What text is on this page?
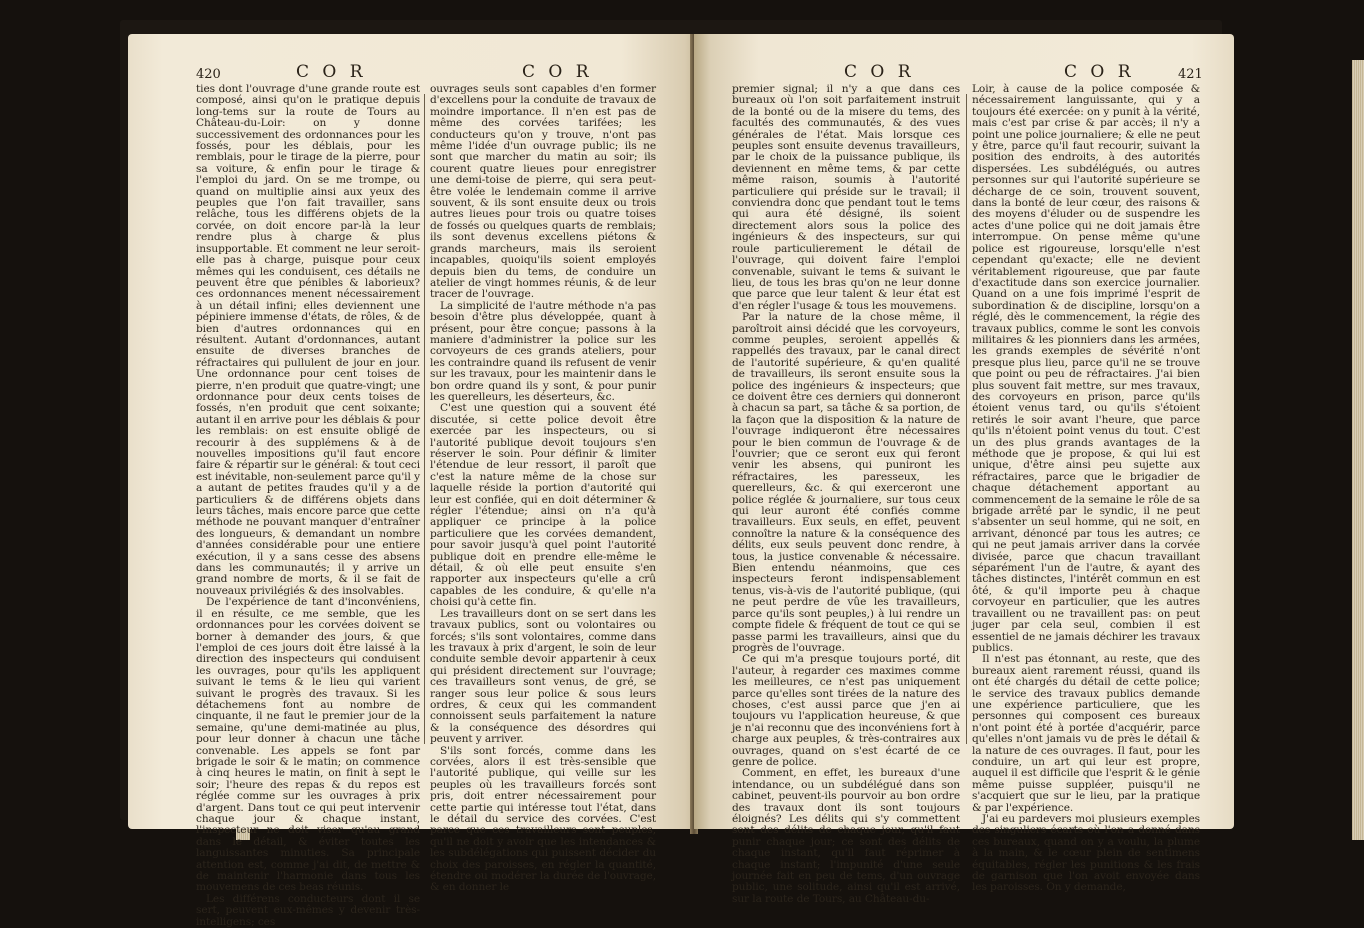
420	C O R	C O R

ties dont l'ouvrage d'une grande route est composé, ainsi qu'on le pratique depuis long-tems sur la route de Tours au Château-du-Loir: on y donne successivement des ordonnances pour les fossés, pour les déblais, pour les remblais, pour le tirage de la pierre, pour sa voiture, & enfin pour le tirage & l'emploi du jard. On se me trompe, ou quand on multiplie ainsi aux yeux des peuples que l'on fait travailler, sans relâche, tous les différens objets de la corvée, on doit encore par-là la leur rendre plus à charge & plus insupportable. Et comment ne leur seroit-elle pas à charge, puisque pour ceux mêmes qui les conduisent, ces détails ne peuvent être que pénibles & laborieux? ces ordonnances menent nécessairement à un détail infini; elles deviennent une pépiniere immense d'états, de rôles, & de bien d'autres ordonnances qui en résultent. Autant d'ordonnances, autant ensuite de diverses branches de réfractaires qui pullulent de jour en jour. Une ordonnance pour cent toises de pierre, n'en produit que quatre-vingt; une ordonnance pour deux cents toises de fossés, n'en produit que cent soixante; autant il en arrive pour les déblais & pour les remblais: on est ensuite obligé de recourir à des supplémens & à de nouvelles impositions qu'il faut encore faire & répartir sur le général: & tout ceci est inévitable, non-seulement parce qu'il y a autant de petites fraudes qu'il y a de particuliers & de différens objets dans leurs tâches, mais encore parce que cette méthode ne pouvant manquer d'entraîner des longueurs, & demandant un nombre d'années considérable pour une entiere exécution, il y a sans cesse des absens dans les communautés; il y arrive un grand nombre de morts, & il se fait de nouveaux privilégiés & des insolvables.

De l'expérience de tant d'inconvéniens, il en résulte, ce me semble, que les ordonnances pour les corvées doivent se borner à demander des jours, & que l'emploi de ces jours doit être laissé à la direction des inspecteurs qui conduisent les ouvrages, pour qu'ils les appliquent suivant le tems & le lieu qui varient suivant le progrès des travaux. Si les détachemens font au nombre de cinquante, il ne faut le premier jour de la semaine, qu'une demi-matinée au plus, pour leur donner à chacun une tâche convenable. Les appels se font par brigade le soir & le matin; on commence à cinq heures le matin, on finit à sept le soir; l'heure des repas & du repos est réglée comme sur les ouvrages à prix d'argent. Dans tout ce qui peut intervenir chaque jour & chaque instant, l'inspecteur ne doit viser qu'au grand dans le détail, & éviter toutes les languissantes minuties. Sa principale attention est, comme j'ai dit, de mettre & de maintenir l'harmonie dans tous les mouvemens de ces beas réunis.

Les différens conducteurs dont il se sert, peuvent eux-mêmes y devenir très-intelligens; ces

ouvrages seuls sont capables d'en former d'excellens pour la conduite de travaux de moindre importance. Il n'en est pas de même des corvées tarifées; les conducteurs qu'on y trouve, n'ont pas même l'idée d'un ouvrage public; ils ne sont que marcher du matin au soir; ils courent quatre lieues pour enregistrer une demi-toise de pierre, qui sera peut-être volée le lendemain comme il arrive souvent, & ils sont ensuite deux ou trois autres lieues pour trois ou quatre toises de fossés ou quelques quarts de remblais; ils sont devenus excellens piétons & grands marcheurs, mais ils seroient incapables, quoiqu'ils soient employés depuis bien du tems, de conduire un atelier de vingt hommes réunis, & de leur tracer de l'ouvrage.

La simplicité de l'autre méthode n'a pas besoin d'être plus développée, quant à présent, pour être conçue; passons à la maniere d'administrer la police sur les corvoyeurs de ces grands ateliers, pour les contraindre quand ils refusent de venir sur les travaux, pour les maintenir dans le bon ordre quand ils y sont, & pour punir les querelleurs, les déserteurs, &c.

C'est une question qui a souvent été discutée, si cette police devoit être exercée par les inspecteurs, ou si l'autorité publique devoit toujours s'en réserver le soin. Pour définir & limiter l'étendue de leur ressort, il paroît que c'est la nature même de la chose sur laquelle réside la portion d'autorité qui leur est confiée, qui en doit déterminer & régler l'étendue; ainsi on n'a qu'à appliquer ce principe à la police particuliere que les corvées demandent, pour savoir jusqu'à quel point l'autorité publique doit en prendre elle-même le détail, & où elle peut ensuite s'en rapporter aux inspecteurs qu'elle a crû capables de les conduire, & qu'elle n'a choisi qu'à cette fin.

Les travailleurs dont on se sert dans les travaux publics, sont ou volontaires ou forcés; s'ils sont volontaires, comme dans les travaux à prix d'argent, le soin de leur conduite semble devoir appartenir à ceux qui président directement sur l'ouvrage; ces travailleurs sont venus, de gré, se ranger sous leur police & sous leurs ordres, & ceux qui les commandent connoissent seuls parfaitement la nature & la conséquence des désordres qui peuvent y arriver.

S'ils sont forcés, comme dans les corvées, alors il est très-sensible que l'autorité publique, qui veille sur les peuples où les travailleurs forcés sont pris, doit entrer nécessairement pour cette partie qui intéresse tout l'état, dans le détail du service des corvées. C'est parce que ces travailleurs sont peuples, qu'il ne doit y avoir que les intendances & les subdélégations qui puissent décider du choix des paroisses, en régler la quantité, étendre ou modérer la durée de l'ouvrage, & en donner le

C O R	C O R	421

premier signal; il n'y a que dans ces bureaux où l'on soit parfaitement instruit de la bonté ou de la misere du tems, des facultés des communautés, & des vues générales de l'état. Mais lorsque ces peuples sont ensuite devenus travailleurs, par le choix de la puissance publique, ils deviennent en même tems, & par cette même raison, soumis à l'autorité particuliere qui préside sur le travail; il conviendra donc que pendant tout le tems qui aura été désigné, ils soient directement alors sous la police des ingénieurs & des inspecteurs, sur qui roule particulierement le détail de l'ouvrage, qui doivent faire l'emploi convenable, suivant le tems & suivant le lieu, de tous les bras qu'on ne leur donne que parce que leur talent & leur état est d'en régler l'usage & tous les mouvemens.

Par la nature de la chose même, il paroîtroit ainsi décidé que les corvoyeurs, comme peuples, seroient appellés & rappellés des travaux, par le canal direct de l'autorité supérieure, & qu'en qualité de travailleurs, ils seront ensuite sous la police des ingénieurs & inspecteurs; que ce doivent être ces derniers qui donneront à chacun sa part, sa tâche & sa portion, de la façon que la disposition & la nature de l'ouvrage indiqueront être nécessaires pour le bien commun de l'ouvrage & de l'ouvrier; que ce seront eux qui feront venir les absens, qui puniront les réfractaires, les paresseux, les querelleurs, &c. & qui exerceront une police réglée & journaliere, sur tous ceux qui leur auront été confiés comme travailleurs. Eux seuls, en effet, peuvent connoître la nature & la conséquence des délits, eux seuls peuvent donc rendre, à tous, la justice convenable & nécessaire. Bien entendu néanmoins, que ces inspecteurs feront indispensablement tenus, vis-à-vis de l'autorité publique, (qui ne peut perdre de vûe les travailleurs, parce qu'ils sont peuples,) à lui rendre un compte fidele & fréquent de tout ce qui se passe parmi les travailleurs, ainsi que du progrès de l'ouvrage.

Ce qui m'a presque toujours porté, dit l'auteur, à regarder ces maximes comme les meilleures, ce n'est pas uniquement parce qu'elles sont tirées de la nature des choses, c'est aussi parce que j'en ai toujours vu l'application heureuse, & que je n'ai reconnu que des inconvéniens fort à charge aux peuples, & très-contraires aux ouvrages, quand on s'est écarté de ce genre de police.

Comment, en effet, les bureaux d'une intendance, ou un subdélégué dans son cabinet, peuvent-ils pourvoir au bon ordre des travaux dont ils sont toujours éloignés? Les délits qui s'y commettent sont des délits de chaque jour, qu'il faut punir chaque jour; ce sont des délits de chaque instant, qu'il faut réprimer à chaque instant; l'impunité d'une seule journée fait en peu de tems, d'un ouvrage public, une solitude, ainsi qu'il est arrivé, sur la route de Tours, au Château-du-

Loir, à cause de la police composée & nécessairement languissante, qui y a toujours été exercée: on y punit à la vérité, mais c'est par crise & par accès; il n'y a point une police journaliere; & elle ne peut y être, parce qu'il faut recourir, suivant la position des endroits, à des autorités dispersées. Les subdélégués, ou autres personnes sur qui l'autorité supérieure se décharge de ce soin, trouvent souvent, dans la bonté de leur cœur, des raisons & des moyens d'éluder ou de suspendre les actes d'une police qui ne doit jamais être interrompue. On pense même qu'une police est rigoureuse, lorsqu'elle n'est cependant qu'exacte; elle ne devient véritablement rigoureuse, que par faute d'exactitude dans son exercice journalier. Quand on a une fois imprimé l'esprit de subordination & de discipline, lorsqu'on a réglé, dès le commencement, la régie des travaux publics, comme le sont les convois militaires & les pionniers dans les armées, les grands exemples de sévérité n'ont presque plus lieu, parce qu'il ne se trouve que point ou peu de réfractaires. J'ai bien plus souvent fait mettre, sur mes travaux, des corvoyeurs en prison, parce qu'ils étoient venus tard, ou qu'ils s'étoient retirés le soir avant l'heure, que parce qu'ils n'étoient point venus du tout. C'est un des plus grands avantages de la méthode que je propose, & qui lui est unique, d'être ainsi peu sujette aux réfractaires, parce que le brigadier de chaque détachement apportant au commencement de la semaine le rôle de sa brigade arrêté par le syndic, il ne peut s'absenter un seul homme, qui ne soit, en arrivant, dénoncé par tous les autres; ce qui ne peut jamais arriver dans la corvée divisée, parce que chacun travaillant séparément l'un de l'autre, & ayant des tâches distinctes, l'intérêt commun en est ôté, & qu'il importe peu à chaque corvoyeur en particulier, que les autres travaillent ou ne travaillent pas: on peut juger par cela seul, combien il est essentiel de ne jamais déchirer les travaux publics.

Il n'est pas étonnant, au reste, que des bureaux aient rarement réussi, quand ils ont été chargés du détail de cette police; le service des travaux publics demande une expérience particuliere, que les personnes qui composent ces bureaux n'ont point été à portée d'acquérir, parce qu'elles n'ont jamais vu de près le détail & la nature de ces ouvrages. Il faut, pour les conduire, un art qui leur est propre, auquel il est difficile que l'esprit & le génie même puisse suppléer, puisqu'il ne s'acquiert que sur le lieu, par la pratique & par l'expérience.

J'ai eu pardevers moi plusieurs exemples des singuliers écarts où l'on a donné dans ces bureaux, quand on y a voulu, la plume à la main, & le cœur plein de sentimens équitables, régler les punitions & les frais de garnison que l'on avoit envoyée dans les paroisses. On y demande,
